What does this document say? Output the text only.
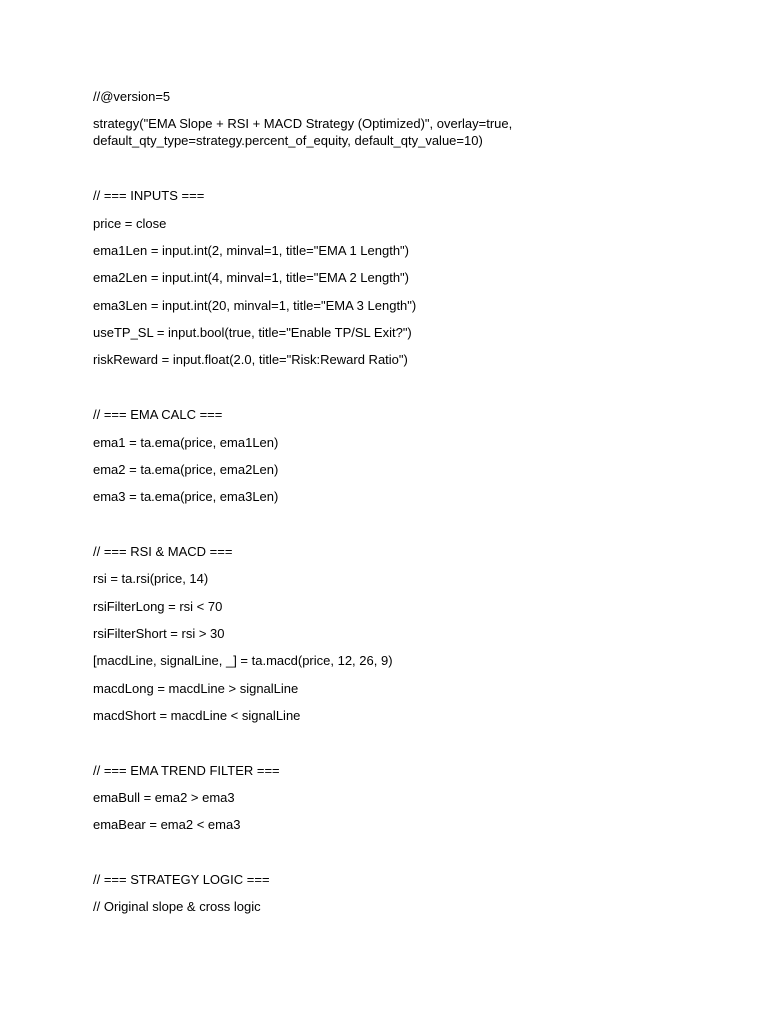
//@version=5
strategy("EMA Slope + RSI + MACD Strategy (Optimized)", overlay=true,
default_qty_type=strategy.percent_of_equity, default_qty_value=10)
// === INPUTS ===
price = close
ema1Len = input.int(2, minval=1, title="EMA 1 Length")
ema2Len = input.int(4, minval=1, title="EMA 2 Length")
ema3Len = input.int(20, minval=1, title="EMA 3 Length")
useTP_SL = input.bool(true, title="Enable TP/SL Exit?")
riskReward = input.float(2.0, title="Risk:Reward Ratio")
// === EMA CALC ===
ema1 = ta.ema(price, ema1Len)
ema2 = ta.ema(price, ema2Len)
ema3 = ta.ema(price, ema3Len)
// === RSI & MACD ===
rsi = ta.rsi(price, 14)
rsiFilterLong = rsi < 70
rsiFilterShort = rsi > 30
[macdLine, signalLine, _] = ta.macd(price, 12, 26, 9)
macdLong = macdLine > signalLine
macdShort = macdLine < signalLine
// === EMA TREND FILTER ===
emaBull = ema2 > ema3
emaBear = ema2 < ema3
// === STRATEGY LOGIC ===
// Original slope & cross logic
